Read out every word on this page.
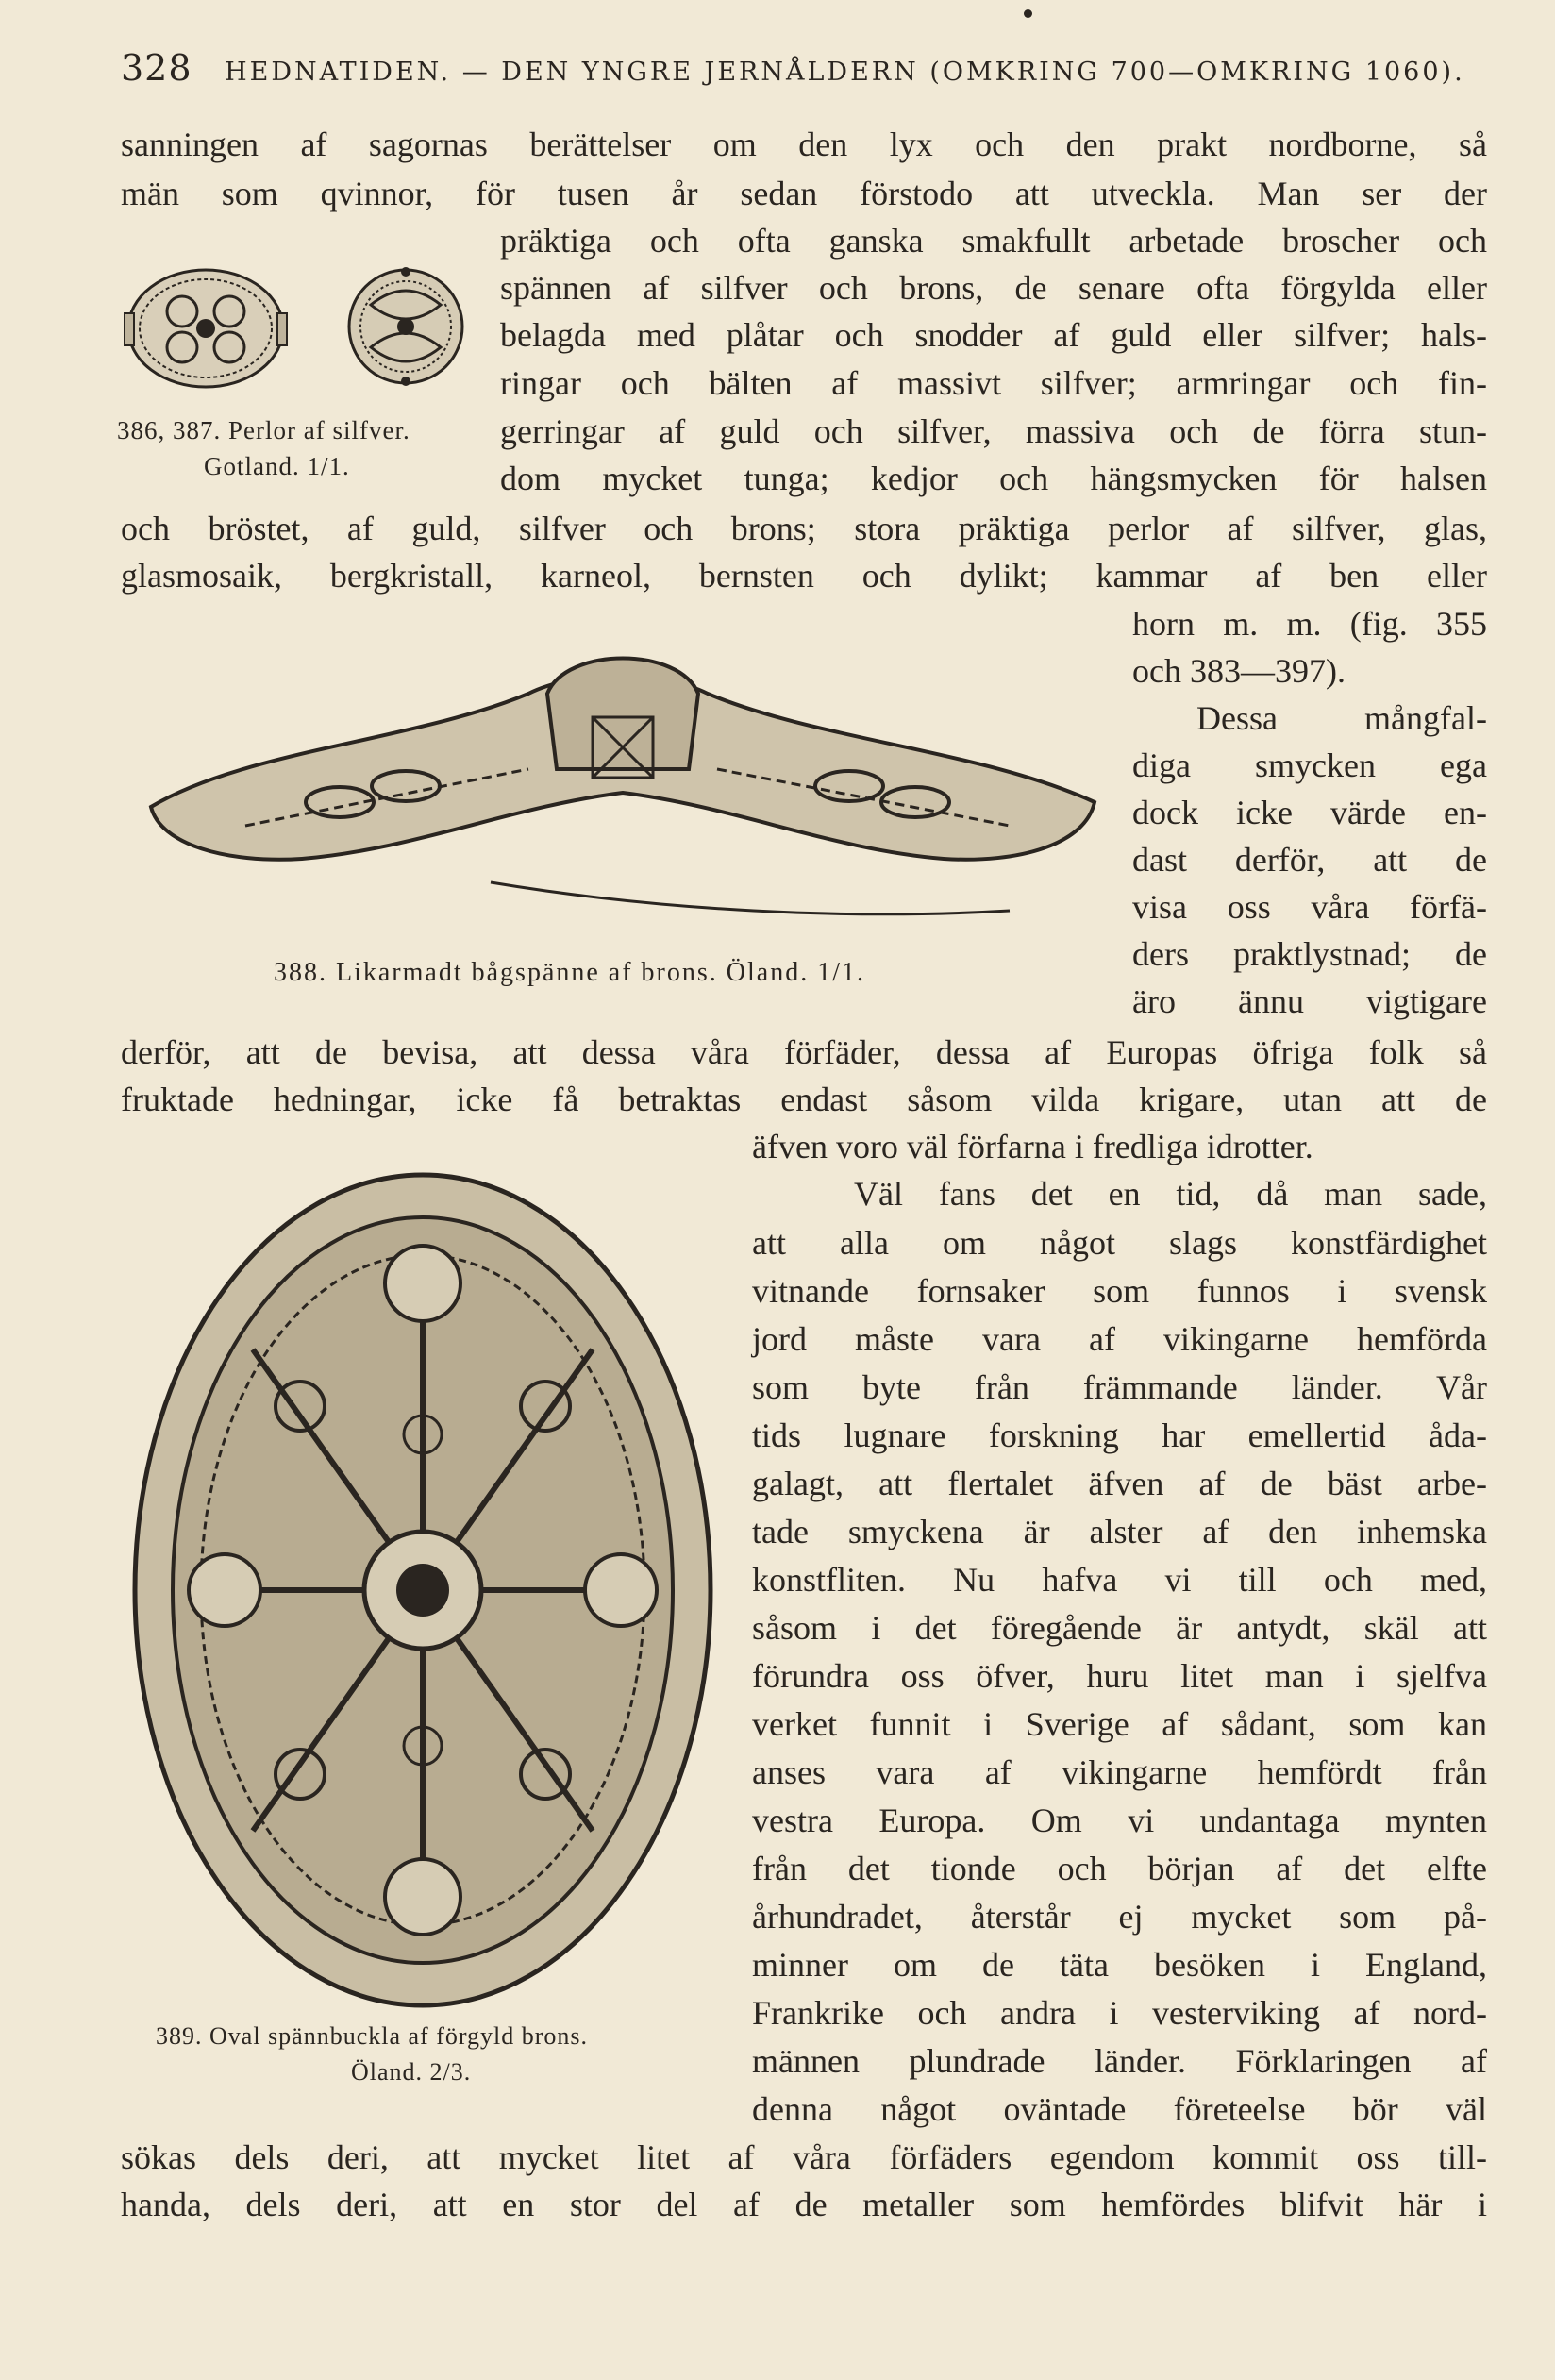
328 HEDNATIDEN. — DEN YNGRE JERNÅLDERN (OMKRING 700—OMKRING 1060).
sanningen af sagornas berättelser om den lyx och den prakt nordborne, så
män som qvinnor, för tusen år sedan förstodo att utveckla. Man ser der
präktiga och ofta ganska smakfullt arbetade broscher och
spännen af silfver och brons, de senare ofta förgylda eller
belagda med plåtar och snodder af guld eller silfver; hals-
ringar och bälten af massivt silfver; armringar och fin-
gerringar af guld och silfver, massiva och de förra stun-
dom mycket tunga; kedjor och hängsmycken för halsen
och bröstet, af guld, silfver och brons; stora präktiga perlor af silfver, glas,
glasmosaik, bergkristall, karneol, bernsten och dylikt; kammar af ben eller
horn m. m. (fig. 355
och 383—397).
Dessa mångfal-
diga smycken ega
dock icke värde en-
dast derför, att de
visa oss våra förfä-
ders praktlystnad; de
äro ännu vigtigare
derför, att de bevisa, att dessa våra förfäder, dessa af Europas öfriga folk så
fruktade hedningar, icke få betraktas endast såsom vilda krigare, utan att de
äfven voro väl förfarna i fredliga idrotter.
Väl fans det en tid, då man sade,
att alla om något slags konstfärdighet
vitnande fornsaker som funnos i svensk
jord måste vara af vikingarne hemförda
som byte från främmande länder. Vår
tids lugnare forskning har emellertid åda-
galagt, att flertalet äfven af de bäst arbe-
tade smyckena är alster af den inhemska
konstfliten. Nu hafva vi till och med,
såsom i det föregående är antydt, skäl att
förundra oss öfver, huru litet man i sjelfva
verket funnit i Sverige af sådant, som kan
anses vara af vikingarne hemfördt från
vestra Europa. Om vi undantaga mynten
från det tionde och början af det elfte
århundradet, återstår ej mycket som på-
minner om de täta besöken i England,
Frankrike och andra i vesterviking af nord-
männen plundrade länder. Förklaringen af
denna något oväntade företeelse bör väl
sökas dels deri, att mycket litet af våra förfäders egendom kommit oss till-
handa, dels deri, att en stor del af de metaller som hemfördes blifvit här i
386, 387. Perlor af silfver.
Gotland. 1/1.
388. Likarmadt bågspänne af brons. Öland. 1/1.
389. Oval spännbuckla af förgyld brons.
Öland. 2/3.
